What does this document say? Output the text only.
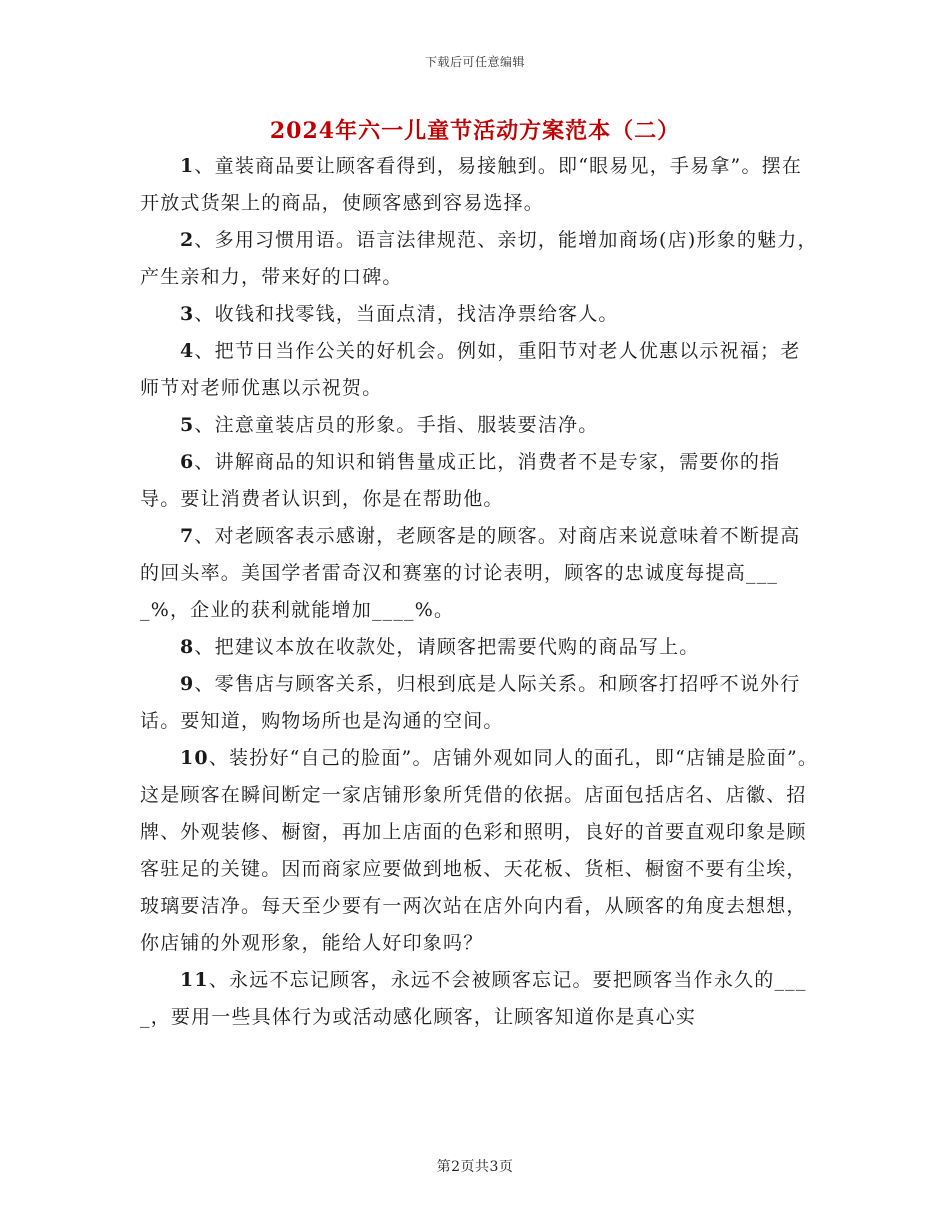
下载后可任意编辑
2024年六一儿童节活动方案范本（二）

1、童装商品要让顾客看得到，易接触到。即“眼易见，手易拿”。摆在开放式货架上的商品，使顾客感到容易选择。

2、多用习惯用语。语言法律规范、亲切，能增加商场(店)形象的魅力，产生亲和力，带来好的口碑。

3、收钱和找零钱，当面点清，找洁净票给客人。

4、把节日当作公关的好机会。例如，重阳节对老人优惠以示祝福；老师节对老师优惠以示祝贺。

5、注意童装店员的形象。手指、服装要洁净。

6、讲解商品的知识和销售量成正比，消费者不是专家，需要你的指导。要让消费者认识到，你是在帮助他。

7、对老顾客表示感谢，老顾客是的顾客。对商店来说意味着不断提高的回头率。美国学者雷奇汉和赛塞的讨论表明，顾客的忠诚度每提高____%，企业的获利就能增加____%。

8、把建议本放在收款处，请顾客把需要代购的商品写上。

9、零售店与顾客关系，归根到底是人际关系。和顾客打招呼不说外行话。要知道，购物场所也是沟通的空间。

10、装扮好“自己的脸面”。店铺外观如同人的面孔，即“店铺是脸面”。这是顾客在瞬间断定一家店铺形象所凭借的依据。店面包括店名、店徽、招牌、外观装修、橱窗，再加上店面的色彩和照明，良好的首要直观印象是顾客驻足的关键。因而商家应要做到地板、天花板、货柜、橱窗不要有尘埃，玻璃要洁净。每天至少要有一两次站在店外向内看，从顾客的角度去想想，你店铺的外观形象，能给人好印象吗？

11、永远不忘记顾客，永远不会被顾客忘记。要把顾客当作永久的____，要用一些具体行为或活动感化顾客，让顾客知道你是真心实

第2页共3页
